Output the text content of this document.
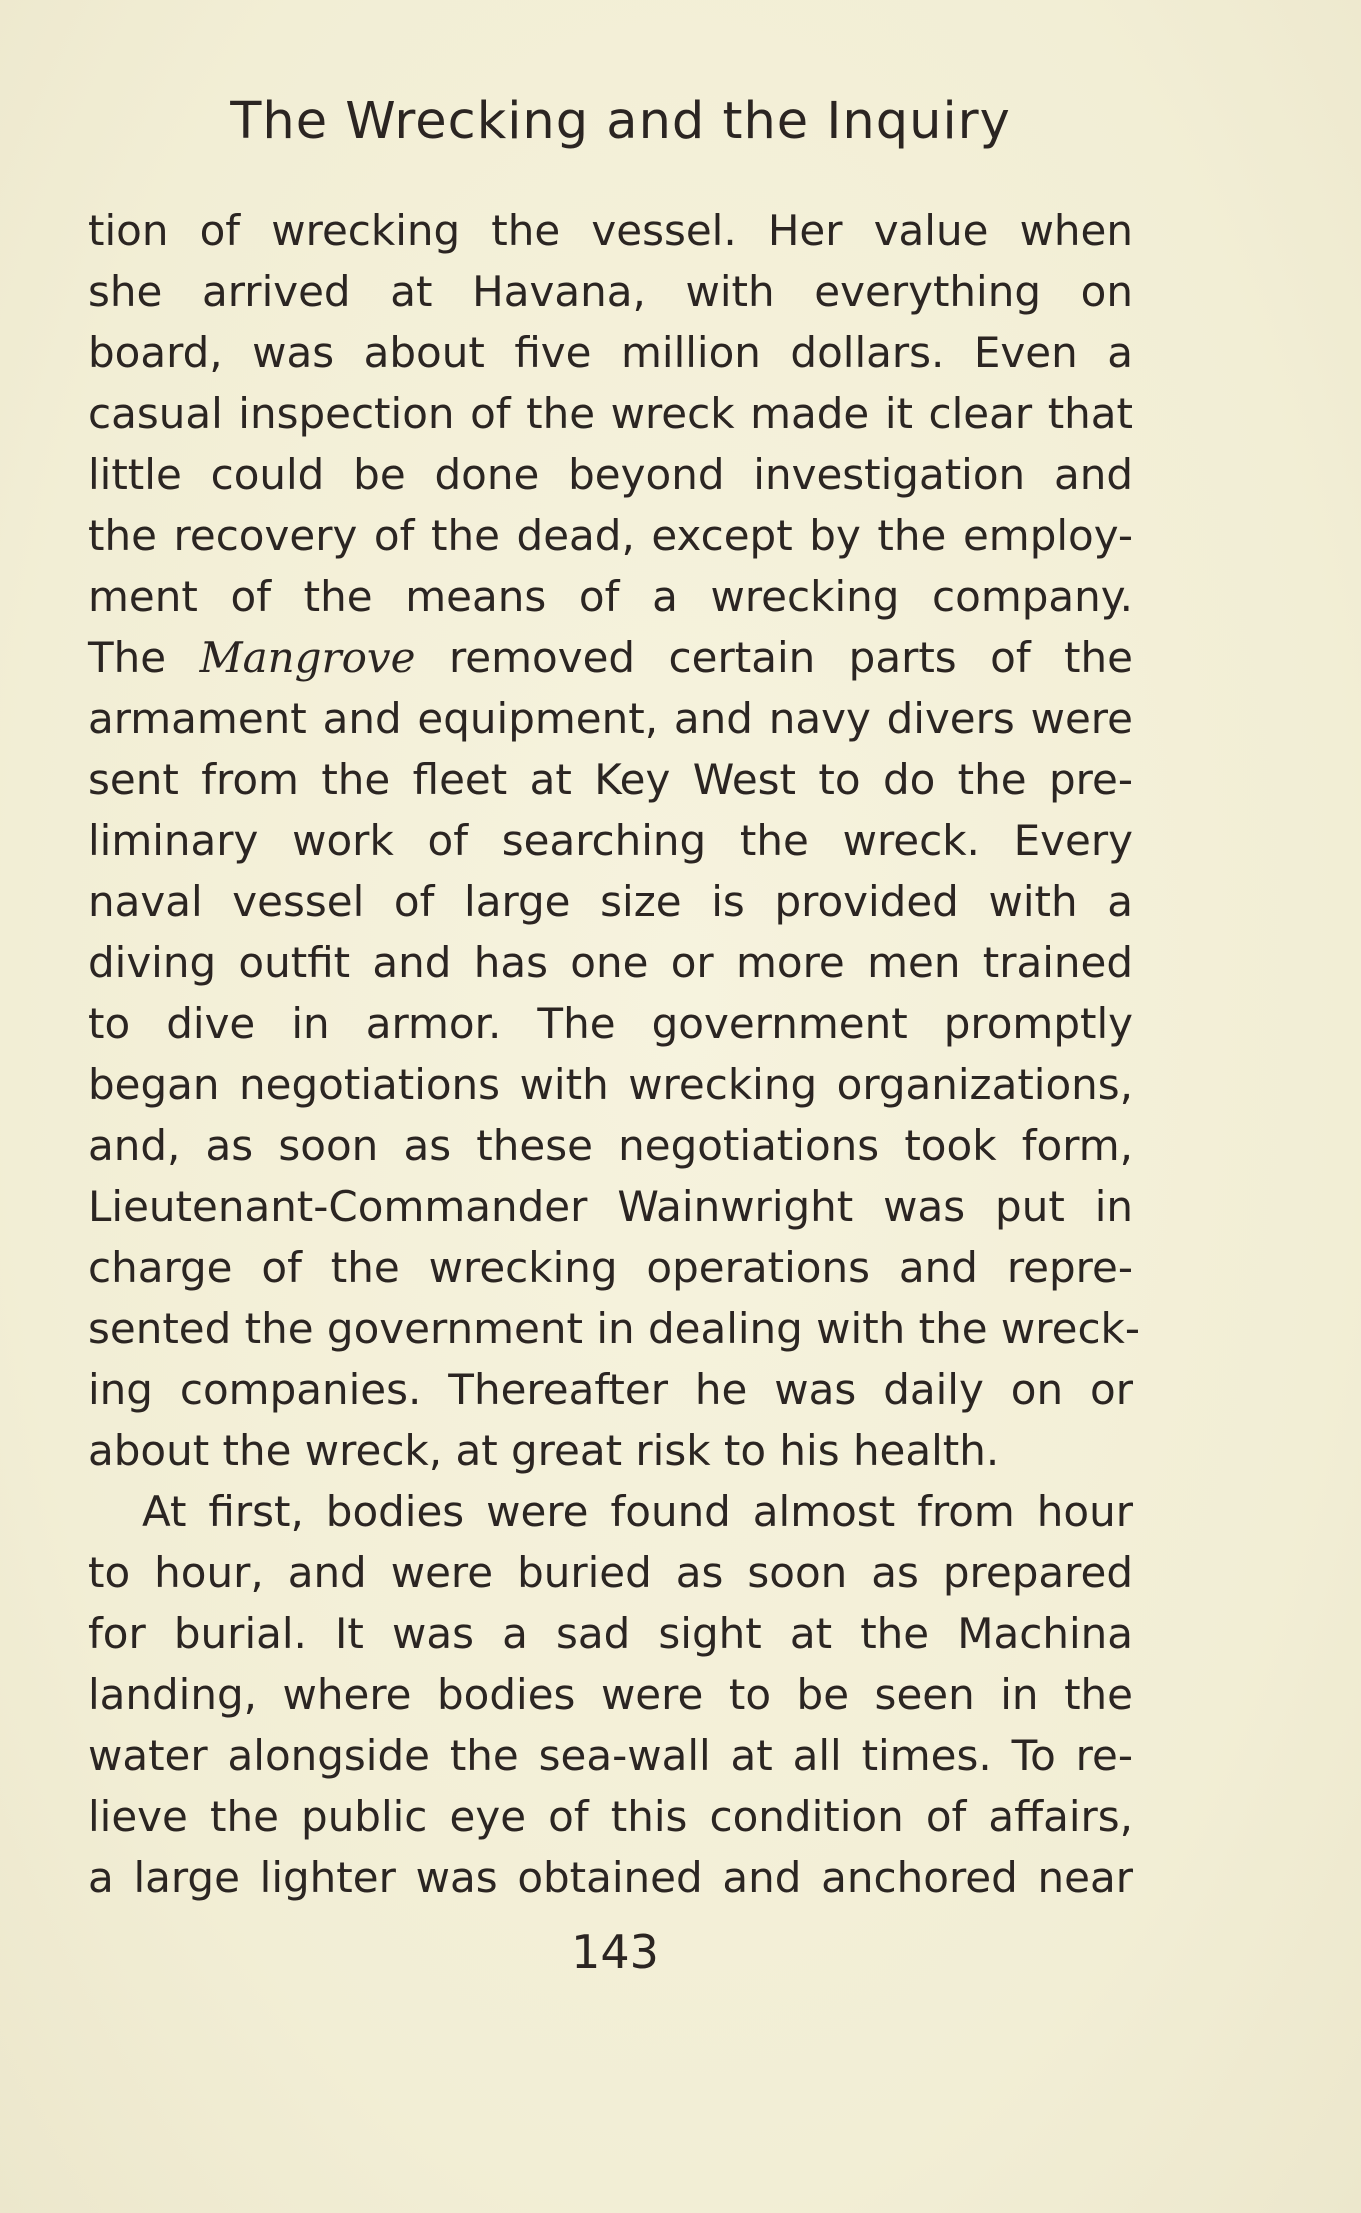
The Wrecking and the Inquiry
tion of wrecking the vessel. Her value when
she arrived at Havana, with everything on
board, was about five million dollars. Even a
casual inspection of the wreck made it clear that
little could be done beyond investigation and
the recovery of the dead, except by the employ-
ment of the means of a wrecking company.
The Mangrove removed certain parts of the
armament and equipment, and navy divers were
sent from the fleet at Key West to do the pre-
liminary work of searching the wreck. Every
naval vessel of large size is provided with a
diving outfit and has one or more men trained
to dive in armor. The government promptly
began negotiations with wrecking organizations,
and, as soon as these negotiations took form,
Lieutenant-Commander Wainwright was put in
charge of the wrecking operations and repre-
sented the government in dealing with the wreck-
ing companies. Thereafter he was daily on or
about the wreck, at great risk to his health.
At first, bodies were found almost from hour
to hour, and were buried as soon as prepared
for burial. It was a sad sight at the Machina
landing, where bodies were to be seen in the
water alongside the sea-wall at all times. To re-
lieve the public eye of this condition of affairs,
a large lighter was obtained and anchored near
143
